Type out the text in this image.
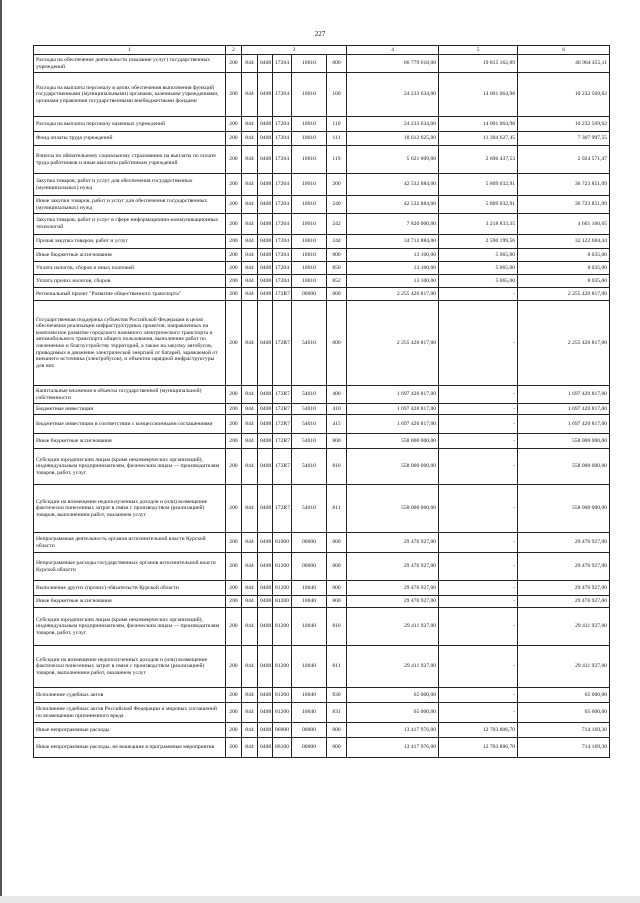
227
1	2	3					4	5	6
Расходы на обеспечение деятельности (оказание услуг) государственных учреждений	200	844	0408	17204	10010	000	66 779 618,00	19 815 162,89	46 964 455,11
Расходы на выплаты персоналу в целях обеспечения выполнения функций государственными (муниципальными) органами, казенными учреждениями, органами управления государственными внебюджетными фондами	200	844	0408	17204	10010	100	24 233 634,00	14 001 064,98	10 232 569,02
Расходы на выплаты персоналу казенных учреждений	200	844	0408	17204	10010	110	24 233 634,00	14 001 064,98	10 232 569,02
Фонд оплаты труда учреждений	200	844	0408	17204	10010	111	18 612 625,00	11 304 627,45	7 307 997,55
Взносы по обязательному социальному страхованию на выплаты по оплате труда работников и иные выплаты работникам учреждений	200	844	0408	17204	10010	119	5 621 009,00	2 696 437,53	2 924 571,47
Закупка товаров, работ и услуг для обеспечения государственных (муниципальных) нужд	200	844	0408	17204	10010	200	42 532 884,00	5 809 032,91	36 723 851,09
Иные закупки товаров, работ и услуг для обеспечения государственных (муниципальных) нужд	200	844	0408	17204	10010	240	42 532 884,00	5 809 032,91	36 723 851,09
Закупка товаров, работ и услуг в сфере информационно-коммуникационных технологий	200	844	0408	17204	10010	242	7 820 000,00	3 218 833,35	4 601 166,65
Прочая закупка товаров, работ и услуг	200	844	0408	17204	10010	244	34 712 884,00	2 590 199,56	32 122 684,44
Иные бюджетные ассигнования	200	844	0408	17204	10010	800	13 100,00	5 065,00	8 035,00
Уплата налогов, сборов и иных платежей	200	844	0408	17204	10010	850	13 100,00	5 065,00	8 035,00
Уплата прочих налогов, сборов	200	844	0408	17204	10010	852	13 100,00	5 065,00	8 035,00
Региональный проект "Развитие общественного транспорта"	200	844	0408	172R7	00000	000	2 255 420 817,00	-	2 255 420 817,00
Государственная поддержка субъектов Российской Федерации в целях обеспечения реализации инфраструктурных проектов, направленных на комплексное развитие городского наземного электрического транспорта и автомобильного транспорта общего пользования, выполнение работ по озеленению и благоустройству территорий, а также на закупку автобусов, приводимых в движение электрической энергией от батарей, заряжаемой от внешнего источника (электробусов), и объектов зарядной инфраструктуры для них	200	844	0408	172R7	54010	000	2 255 420 817,00	-	2 255 420 817,00
Капитальные вложения в объекты государственной (муниципальной) собственности	200	844	0408	172R7	54010	400	1 697 420 817,00	-	1 697 420 817,00
Бюджетные инвестиции	200	844	0408	172R7	54010	410	1 697 420 817,00	-	1 697 420 817,00
Бюджетные инвестиции в соответствии с концессионными соглашениями	200	844	0408	172R7	54010	415	1 697 420 817,00	-	1 697 420 817,00
Иные бюджетные ассигнования	200	844	0408	172R7	54010	800	558 000 000,00	-	558 000 000,00
Субсидии юридическим лицам (кроме некоммерческих организаций), индивидуальным предпринимателям, физическим лицам — производителям товаров, работ, услуг	200	844	0408	172R7	54010	810	558 000 000,00	-	558 000 000,00
Субсидии на возмещение недополученных доходов и (или) возмещение фактически понесенных затрат в связи с производством (реализацией) товаров, выполнением работ, оказанием услуг	200	844	0408	172R7	54010	811	558 000 000,00	-	558 000 000,00
Непрограммная деятельность органов исполнительной власти Курской области	200	844	0408	81000	00000	000	29 476 927,00	-	29 476 927,00
Непрограммные расходы государственных органов исполнительной власти Курской области	200	844	0408	81200	00000	000	29 476 927,00	-	29 476 927,00
Выполнение других (прочих) обязательств Курской области	200	844	0408	81200	10040	000	29 476 927,00	-	29 476 927,00
Иные бюджетные ассигнования	200	844	0408	81200	10040	800	29 476 927,00	-	29 476 927,00
Субсидии юридическим лицам (кроме некоммерческих организаций), индивидуальным предпринимателям, физическим лицам — производителям товаров, работ, услуг	200	844	0408	81200	10040	810	29 411 927,00	-	29 411 927,00
Субсидии на возмещение недополученных доходов и (или) возмещение фактически понесенных затрат в связи с производством (реализацией) товаров, выполнением работ, оказанием услуг	200	844	0408	81200	10040	811	29 411 927,00	-	29 411 927,00
Исполнение судебных актов	200	844	0408	81200	10040	830	65 000,00	-	65 000,00
Исполнение судебных актов Российской Федерации и мировых соглашений по возмещению причиненного вреда	200	844	0408	81200	10040	831	65 000,00	-	65 000,00
Иные непрограммные расходы	200	844	0408	86000	00000	000	13 417 976,00	12 703 806,70	714 169,30
Иные непрограммные расходы, не вошедшие в программные мероприятия	200	844	0408	86100	00000	000	13 417 976,00	12 703 806,70	714 169,30
